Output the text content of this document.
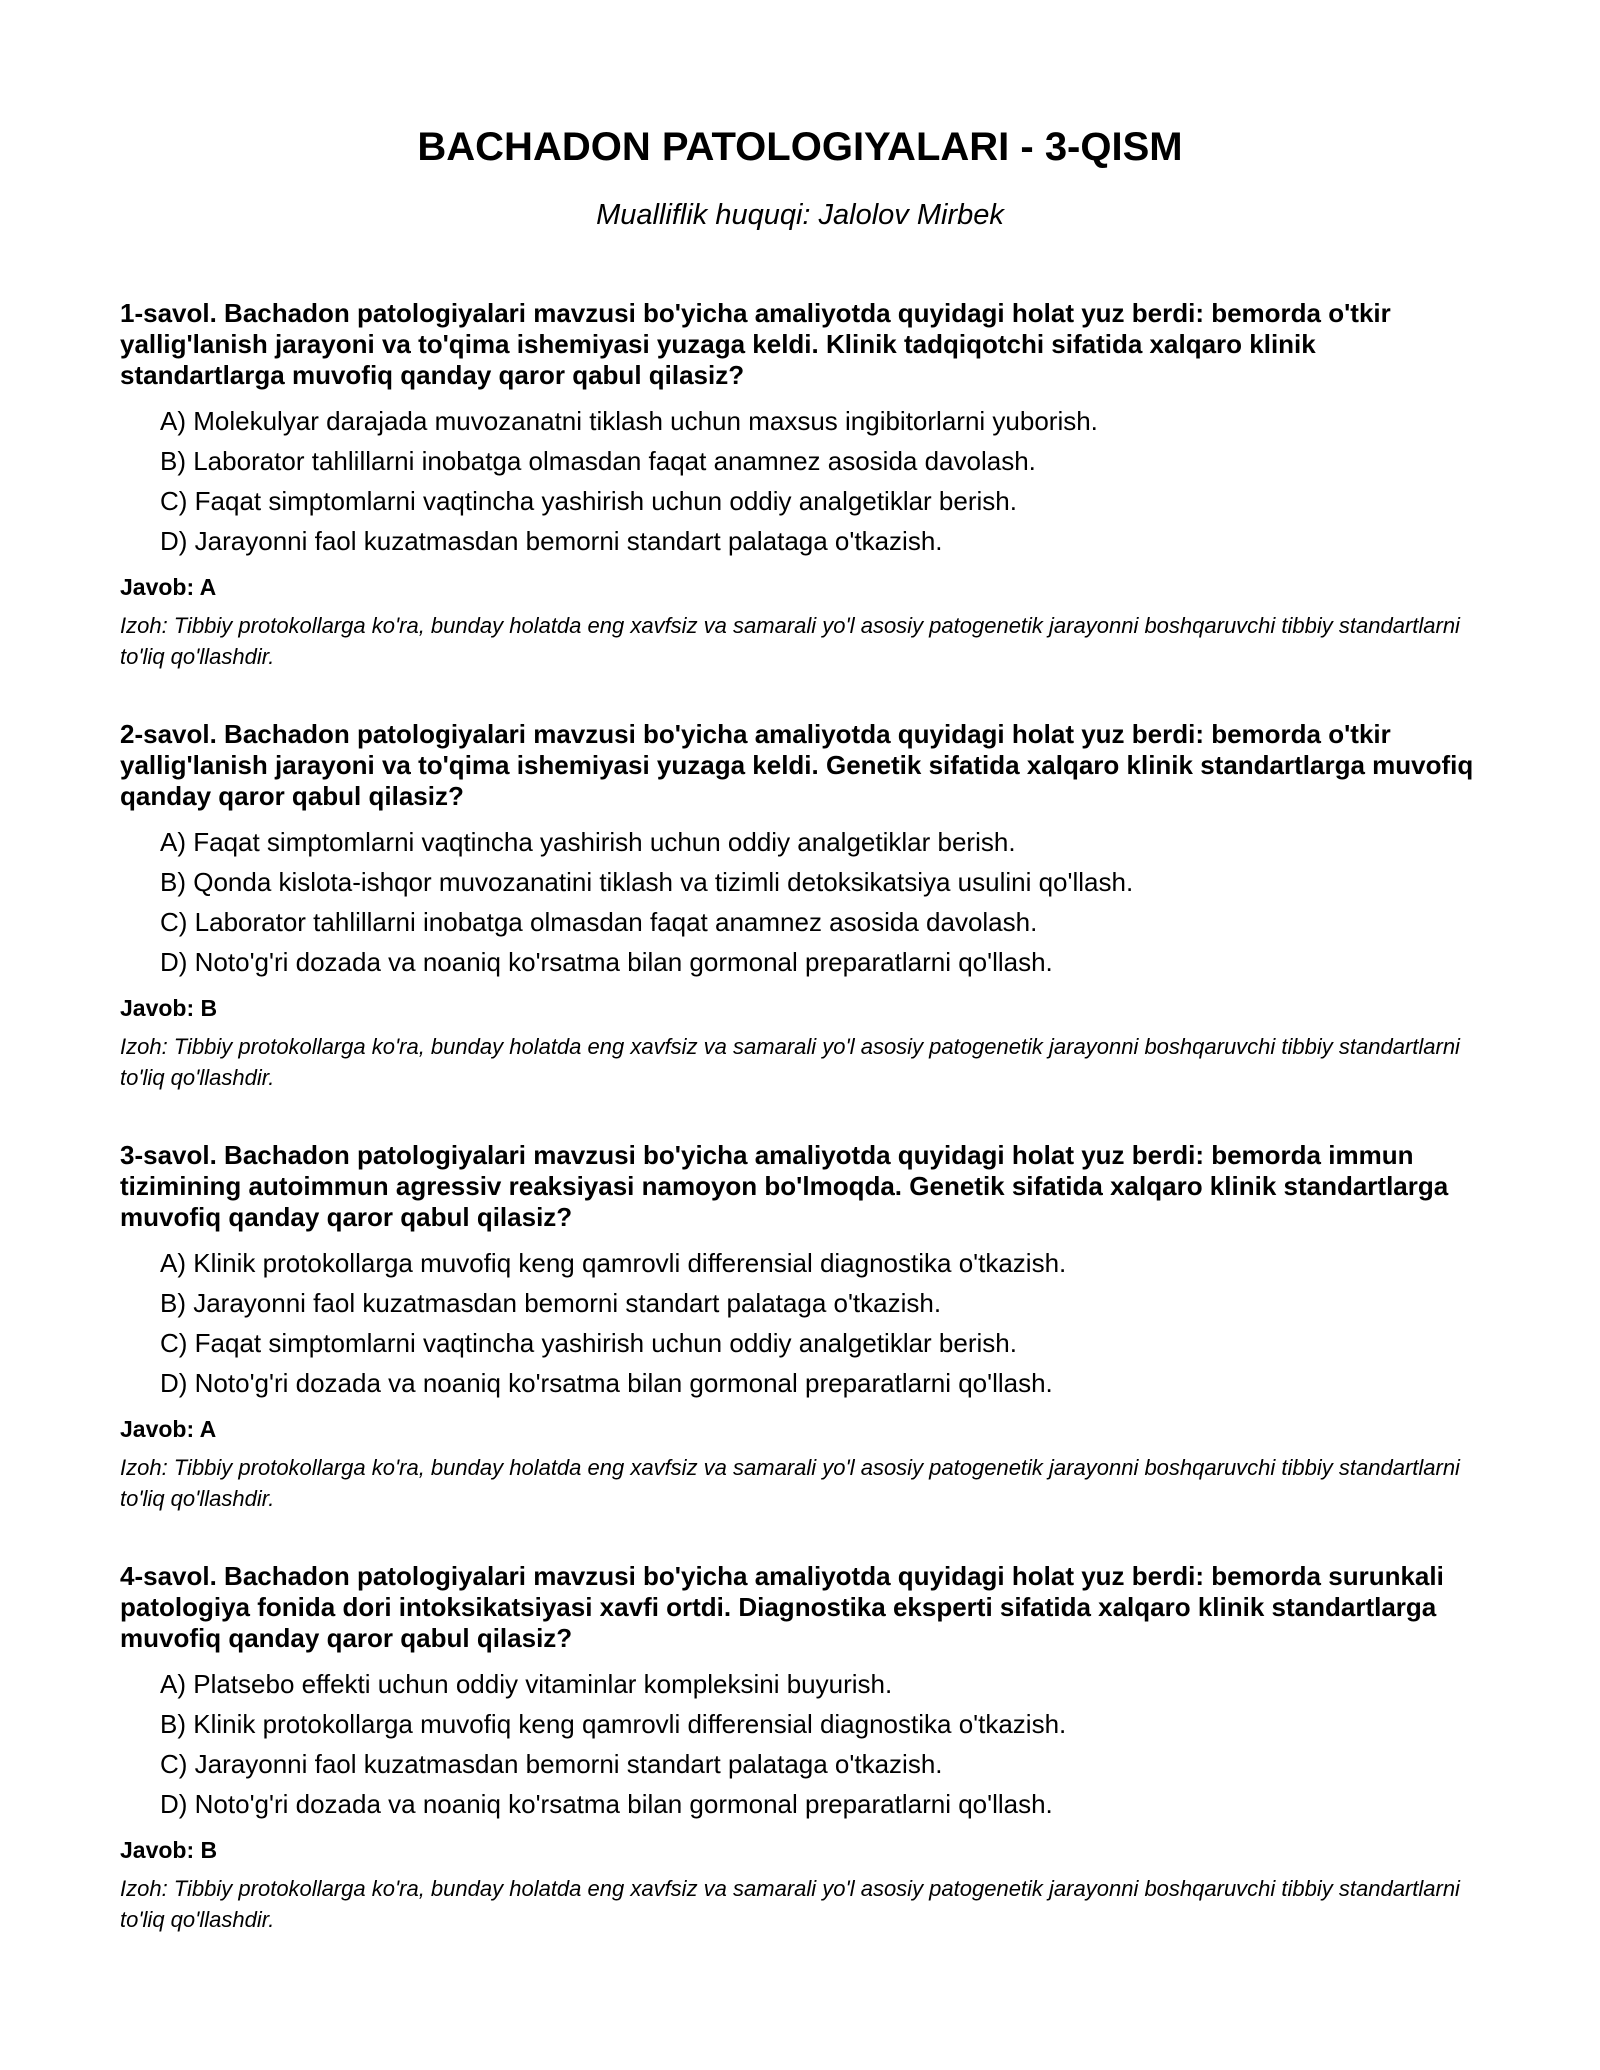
BACHADON PATOLOGIYALARI - 3-QISM

Mualliflik huquqi: Jalolov Mirbek

1-savol. Bachadon patologiyalari mavzusi bo'yicha amaliyotda quyidagi holat yuz berdi: bemorda o'tkir yallig'lanish jarayoni va to'qima ishemiyasi yuzaga keldi. Klinik tadqiqotchi sifatida xalqaro klinik standartlarga muvofiq qanday qaror qabul qilasiz?

A) Molekulyar darajada muvozanatni tiklash uchun maxsus ingibitorlarni yuborish.
B) Laborator tahlillarni inobatga olmasdan faqat anamnez asosida davolash.
C) Faqat simptomlarni vaqtincha yashirish uchun oddiy analgetiklar berish.
D) Jarayonni faol kuzatmasdan bemorni standart palataga o'tkazish.

Javob: A

Izoh: Tibbiy protokollarga ko'ra, bunday holatda eng xavfsiz va samarali yo'l asosiy patogenetik jarayonni boshqaruvchi tibbiy standartlarni to'liq qo'llashdir.

2-savol. Bachadon patologiyalari mavzusi bo'yicha amaliyotda quyidagi holat yuz berdi: bemorda o'tkir yallig'lanish jarayoni va to'qima ishemiyasi yuzaga keldi. Genetik sifatida xalqaro klinik standartlarga muvofiq qanday qaror qabul qilasiz?

A) Faqat simptomlarni vaqtincha yashirish uchun oddiy analgetiklar berish.
B) Qonda kislota-ishqor muvozanatini tiklash va tizimli detoksikatsiya usulini qo'llash.
C) Laborator tahlillarni inobatga olmasdan faqat anamnez asosida davolash.
D) Noto'g'ri dozada va noaniq ko'rsatma bilan gormonal preparatlarni qo'llash.

Javob: B

Izoh: Tibbiy protokollarga ko'ra, bunday holatda eng xavfsiz va samarali yo'l asosiy patogenetik jarayonni boshqaruvchi tibbiy standartlarni to'liq qo'llashdir.

3-savol. Bachadon patologiyalari mavzusi bo'yicha amaliyotda quyidagi holat yuz berdi: bemorda immun tizimining autoimmun agressiv reaksiyasi namoyon bo'lmoqda. Genetik sifatida xalqaro klinik standartlarga muvofiq qanday qaror qabul qilasiz?

A) Klinik protokollarga muvofiq keng qamrovli differensial diagnostika o'tkazish.
B) Jarayonni faol kuzatmasdan bemorni standart palataga o'tkazish.
C) Faqat simptomlarni vaqtincha yashirish uchun oddiy analgetiklar berish.
D) Noto'g'ri dozada va noaniq ko'rsatma bilan gormonal preparatlarni qo'llash.

Javob: A

Izoh: Tibbiy protokollarga ko'ra, bunday holatda eng xavfsiz va samarali yo'l asosiy patogenetik jarayonni boshqaruvchi tibbiy standartlarni to'liq qo'llashdir.

4-savol. Bachadon patologiyalari mavzusi bo'yicha amaliyotda quyidagi holat yuz berdi: bemorda surunkali patologiya fonida dori intoksikatsiyasi xavfi ortdi. Diagnostika eksperti sifatida xalqaro klinik standartlarga muvofiq qanday qaror qabul qilasiz?

A) Platsebo effekti uchun oddiy vitaminlar kompleksini buyurish.
B) Klinik protokollarga muvofiq keng qamrovli differensial diagnostika o'tkazish.
C) Jarayonni faol kuzatmasdan bemorni standart palataga o'tkazish.
D) Noto'g'ri dozada va noaniq ko'rsatma bilan gormonal preparatlarni qo'llash.

Javob: B

Izoh: Tibbiy protokollarga ko'ra, bunday holatda eng xavfsiz va samarali yo'l asosiy patogenetik jarayonni boshqaruvchi tibbiy standartlarni to'liq qo'llashdir.
